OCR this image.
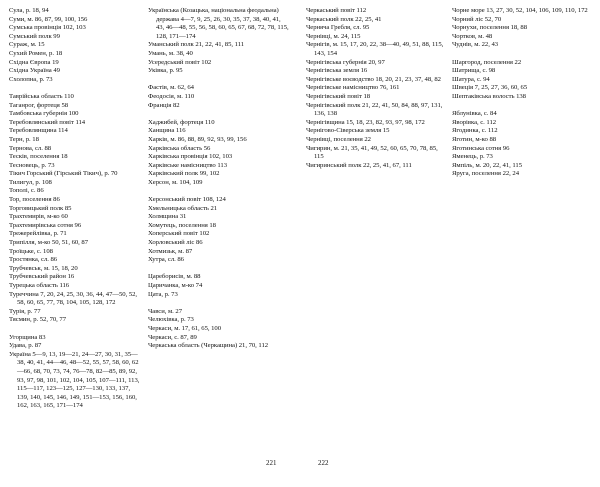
Сула, р. 18, 94
Суми, м. 86, 87, 99, 100, 156
Сумська провінція 102, 103
Сумський полк 99
Сураж, м. 15
Сухий Ромен, р. 18
Східна Європа 19
Східна Україна 49
Схолопна, р. 73
Таврійська область 110
Таганрог, фортеця 58
Тамбовська губернія 100
Теребовлянський повіт 114
Теребовлянщина 114
Терн, р. 18
Тернова, сл. 88
Тесків, поселення 18
Тесновець, р. 73
Тікич Горський (Гірський Тікич), р. 70
Тилигул, р. 108
Тополі, с. 86
Тор, поселення 86
Торговицький полк 85
Трахтемирів, м-ко 60
Трахтемирівська сотня 96
Трежерейлівка, р. 71
Трипілля, м-ко 50, 51, 60, 87
Троїцьке, с. 108
Тростянка, сл. 86
Трубчевськ, м. 15, 18, 20
Трубчевський район 16
Турецька область 116
Туреччина 7, 20, 24, 25, 30, 36, 44, 47—50, 52, 58, 60, 65, 77, 78, 104, 105, 128, 172
Турія, р. 77
Тясмин, р. 52, 70, 77
Угорщина 83
Удава, р. 87
Україна 5—9, 13, 19—21, 24—27, 30, 31, 35—38, 40, 41, 44—46, 48—52, 55, 57, 58, 60, 62—66, 68, 70, 73, 74, 76—78, 82—85, 89, 92, 93, 97, 98, 101, 102, 104, 105, 107—111, 113, 115—117, 123—125, 127—130, 133, 137, 139, 140, 145, 146, 149, 151—153, 156, 160, 162, 163, 165, 171—174
Українська (Козацька, національна феодальна) держава 4—7, 9, 25, 26, 30, 35, 37, 38, 40, 41, 43, 46—48, 55, 56, 58, 60, 65, 67, 68, 72, 78, 115, 128, 171—174
Уманський полк 21, 22, 41, 85, 111
Умань, м. 38, 40
Усередський повіт 102
Уківка, р. 95
Фастів, м. 62, 64
Феодосія, м. 110
Франція 82
Хаджибей, фортеця 110
Ханщина 116
Харків, м. 86, 88, 89, 92, 93, 99, 156
Харківська область 56
Харківська провінція 102, 103
Харківське намісництво 113
Харківський полк 99, 102
Херсон, м. 104, 109
Херсонський повіт 108, 124
Хмельницька область 21
Холмщина 31
Хомутець, поселення 18
Хоперський повіт 102
Хорловський ліс 86
Хотмизьк, м. 87
Хутра, сл. 86
Цареборисів, м. 88
Царичанка, м-ко 74
Цата, р. 73
Чавси, м. 27
Челюхівка, р. 73
Черкаси, м. 17, 61, 65, 100
Черкаси, с. 87, 89
Черкаська область (Черкащина) 21, 70, 112
Черкаський повіт 112
Черкаський полк 22, 25, 41
Черняча Гребля, сл. 95
Чернівці, м. 24, 115
Чернігів, м. 15, 17, 20, 22, 38—40, 49, 51, 88, 115, 143, 154
Чернігівська губернія 20, 97
Чернігівська земля 16
Чернігівське воєводство 18, 20, 21, 23, 37, 48, 82
Чернігівське намісництво 76, 161
Чернігівський повіт 18
Чернігівський полк 21, 22, 41, 50, 84, 88, 97, 131, 136, 138
Чернігівщина 15, 18, 23, 82, 93, 97, 98, 172
Чернігово-Сіверська земля 15
Чернівці, поселення 22
Чигирин, м. 21, 35, 41, 49, 52, 60, 65, 70, 78, 85, 115
Чигиринський полк 22, 25, 41, 67, 111
Чорне море 13, 27, 30, 52, 104, 106, 109, 110, 172
Чорний ліс 52, 70
Чорнухи, поселення 18, 88
Чортков, м. 48
Чуднів, м. 22, 43
Шаргород, поселення 22
Шатрища, с. 98
Шатура, с. 94
Швеція 7, 25, 27, 36, 60, 65
Шептаківська волость 138
Яблунівка, с. 84
Яворівка, с. 112
Ягодинка, с. 112
Яготин, м-ко 88
Яготинська сотня 96
Яменець, р. 73
Ямпіль, м. 20, 22, 41, 115
Яруга, поселення 22, 24
221	222
